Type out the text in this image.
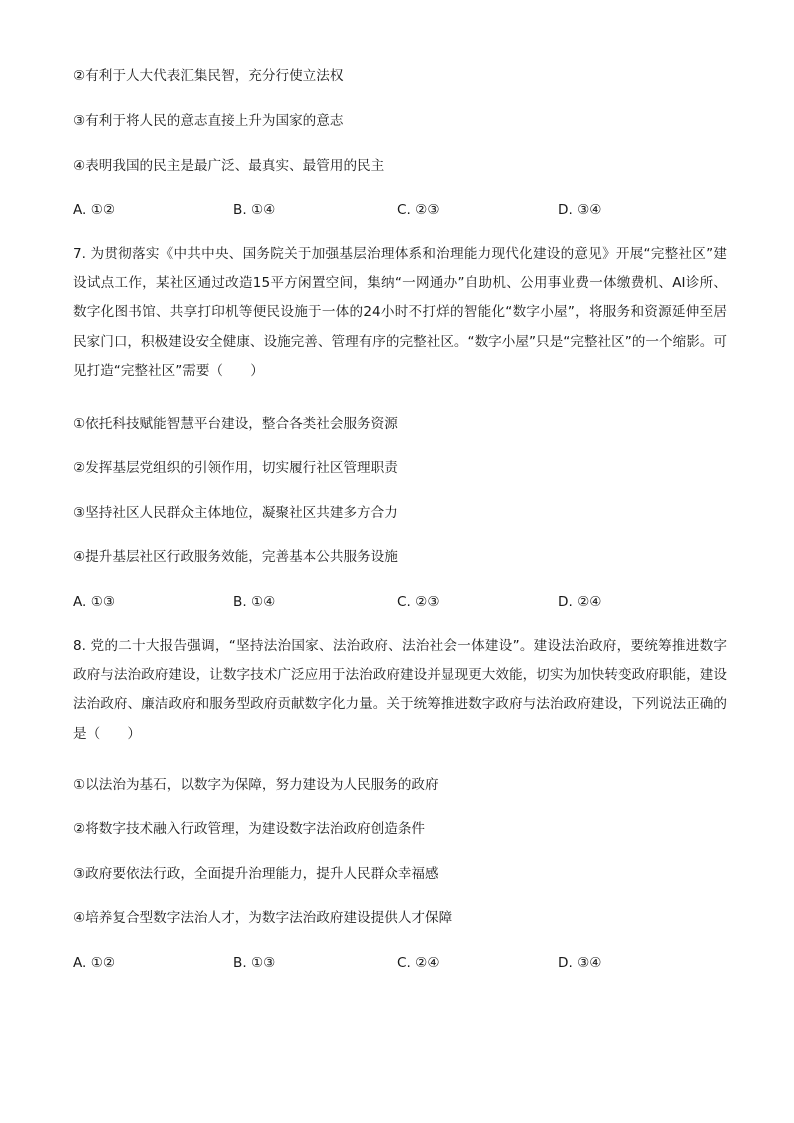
②有利于人大代表汇集民智，充分行使立法权
③有利于将人民的意志直接上升为国家的意志
④表明我国的民主是最广泛、最真实、最管用的民主
A. ①②	B. ①④	C. ②③	D. ③④
7. 为贯彻落实《中共中央、国务院关于加强基层治理体系和治理能力现代化建设的意见》开展“完整社区”建设试点工作，某社区通过改造15平方闲置空间，集纳“一网通办”自助机、公用事业费一体缴费机、AI诊所、数字化图书馆、共享打印机等便民设施于一体的24小时不打烊的智能化“数字小屋”，将服务和资源延伸至居民家门口，积极建设安全健康、设施完善、管理有序的完整社区。“数字小屋”只是“完整社区”的一个缩影。可见打造“完整社区”需要（　　）
①依托科技赋能智慧平台建设，整合各类社会服务资源
②发挥基层党组织的引领作用，切实履行社区管理职责
③坚持社区人民群众主体地位，凝聚社区共建多方合力
④提升基层社区行政服务效能，完善基本公共服务设施
A. ①③	B. ①④	C. ②③	D. ②④
8. 党的二十大报告强调，“坚持法治国家、法治政府、法治社会一体建设”。建设法治政府，要统筹推进数字政府与法治政府建设，让数字技术广泛应用于法治政府建设并显现更大效能，切实为加快转变政府职能，建设法治政府、廉洁政府和服务型政府贡献数字化力量。关于统筹推进数字政府与法治政府建设，下列说法正确的是（　　）
①以法治为基石，以数字为保障，努力建设为人民服务的政府
②将数字技术融入行政管理，为建设数字法治政府创造条件
③政府要依法行政，全面提升治理能力，提升人民群众幸福感
④培养复合型数字法治人才，为数字法治政府建设提供人才保障
A. ①②	B. ①③	C. ②④	D. ③④
